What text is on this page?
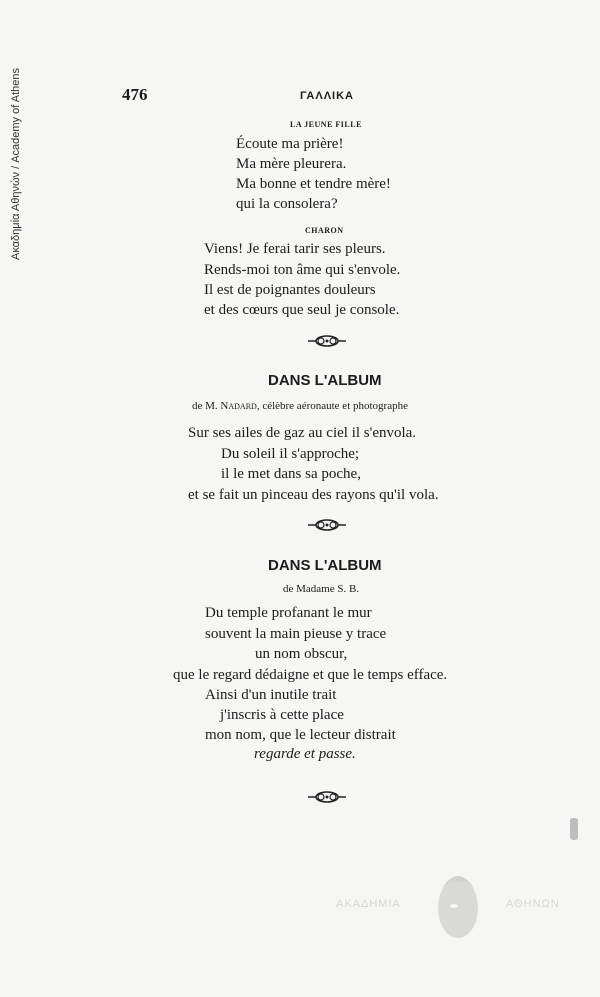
Ακαδημία Αθηνών / Academy of Athens	476	ΓΑΛΛΙΚΑ
LA JEUNE FILLE
Écoute ma prière!
Ma mère pleurera.
Ma bonne et tendre mère!
qui la consolera?
CHARON
Viens! Je ferai tarir ses pleurs.
Rends-moi ton âme qui s'envole.
Il est de poignantes douleurs
et des cœurs que seul je console.
DANS L'ALBUM
de M. Nadard, célèbre aéronaute et photographe
Sur ses ailes de gaz au ciel il s'envola.
Du soleil il s'approche;
il le met dans sa poche,
et se fait un pinceau des rayons qu'il vola.
DANS L'ALBUM
de Madame S. B.
Du temple profanant le mur
souvent la main pieuse y trace
un nom obscur,
que le regard dédaigne et que le temps efface.
Ainsi d'un inutile trait
j'inscris à cette place
mon nom, que le lecteur distrait
regarde et passe.
ΑΚΑΔΗΜΙΑ	ΑΘΗΝΩΝ
